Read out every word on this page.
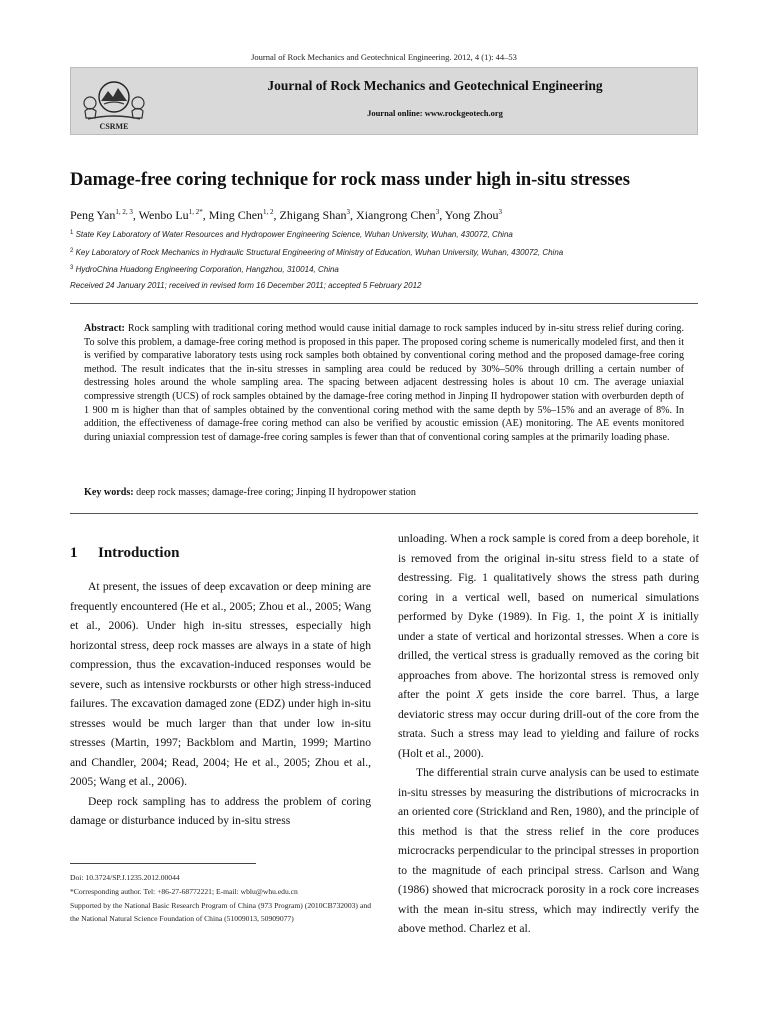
Journal of Rock Mechanics and Geotechnical Engineering. 2012, 4 (1): 44–53
CSRME
Journal of Rock Mechanics and Geotechnical Engineering
Journal online: www.rockgeotech.org
Damage-free coring technique for rock mass under high in-situ stresses
Peng Yan$^{1, 2, 3}$, Wenbo $Lu^{1, 2*}$, Ming Chen$^{1, 2}$, Zhigang Shan$^3$, Xiangrong Chen$^3$, Yong Zhou$^3$
$^1$ State Key Laboratory of Water Resources and Hydropower Engineering Science, Wuhan University, Wuhan, 430072, China
$^2$ Key Laboratory of Rock Mechanics in Hydraulic Structural Engineering of Ministry of Education, Wuhan University, Wuhan, 430072, China
$^3$ HydroChina Huadong Engineering Corporation, Hangzhou, 310014, China
Received 24 January 2011; received in revised form 16 December 2011; accepted 5 February 2012
Abstract: Rock sampling with traditional coring method would cause initial damage to rock samples induced by in-situ stress relief during coring. To solve this problem, a damage-free coring method is proposed in this paper. The proposed coring scheme is numerically modeled first, and then it is verified by comparative laboratory tests using rock samples both obtained by conventional coring method and the proposed damage-free coring method. The result indicates that the in-situ stresses in sampling area could be reduced by 30%–50% through drilling a certain number of destressing holes around the whole sampling area. The spacing between adjacent destressing holes is about 10 cm. The average uniaxial compressive strength (UCS) of rock samples obtained by the damage-free coring method in Jinping II hydropower station with overburden depth of 1 900 m is higher than that of samples obtained by the conventional coring method with the same depth by 5%–15% and an average of 8%. In addition, the effectiveness of damage-free coring method can also be verified by acoustic emission (AE) monitoring. The AE events monitored during uniaxial compression test of damage-free coring samples is fewer than that of conventional coring samples at the primarily loading phase.
Key words: deep rock masses; damage-free coring; Jinping II hydropower station
1 Introduction

At present, the issues of deep excavation or deep mining are frequently encountered (He et al., 2005; Zhou et al., 2005; Wang et al., 2006). Under high in-situ stresses, especially high horizontal stress, deep rock masses are always in a state of high compression, thus the excavation-induced responses would be severe, such as intensive rockbursts or other high stress-induced failures. The excavation damaged zone (EDZ) under high in-situ stresses would be much larger than that under low in-situ stresses (Martin, 1997; Backblom and Martin, 1999; Martino and Chandler, 2004; Read, 2004; He et al., 2005; Zhou et al., 2005; Wang et al., 2006).

Deep rock sampling has to address the problem of coring damage or disturbance induced by in-situ stress

unloading. When a rock sample is cored from a deep borehole, it is removed from the original in-situ stress field to a state of destressing. Fig. 1 qualitatively shows the stress path during coring in a vertical well, based on numerical simulations performed by Dyke (1989). In Fig. 1, the point X is initially under a state of vertical and horizontal stresses. When a core is drilled, the vertical stress is gradually removed as the coring bit approaches from above. The horizontal stress is removed only after the point X gets inside the core barrel. Thus, a large deviatoric stress may occur during drill-out of the core from the strata. Such a stress may lead to yielding and failure of rocks (Holt et al., 2000).

The differential strain curve analysis can be used to estimate in-situ stresses by measuring the distributions of microcracks in an oriented core (Strickland and Ren, 1980), and the principle of this method is that the stress relief in the core produces microcracks perpendicular to the principal stresses in proportion to the magnitude of each principal stress. Carlson and Wang (1986) showed that microcrack porosity in a rock core increases with the mean in-situ stress, which may indirectly verify the above method. Charlez et al.

Doi: 10.3724/SP.J.1235.2012.00044

*Corresponding author. Tel: +86-27-68772221; E-mail: wblu@whu.edu.cn

Supported by the National Basic Research Program of China (973 Program) (2010CB732003) and the National Natural Science Foundation of China (51009013, 50909077)
